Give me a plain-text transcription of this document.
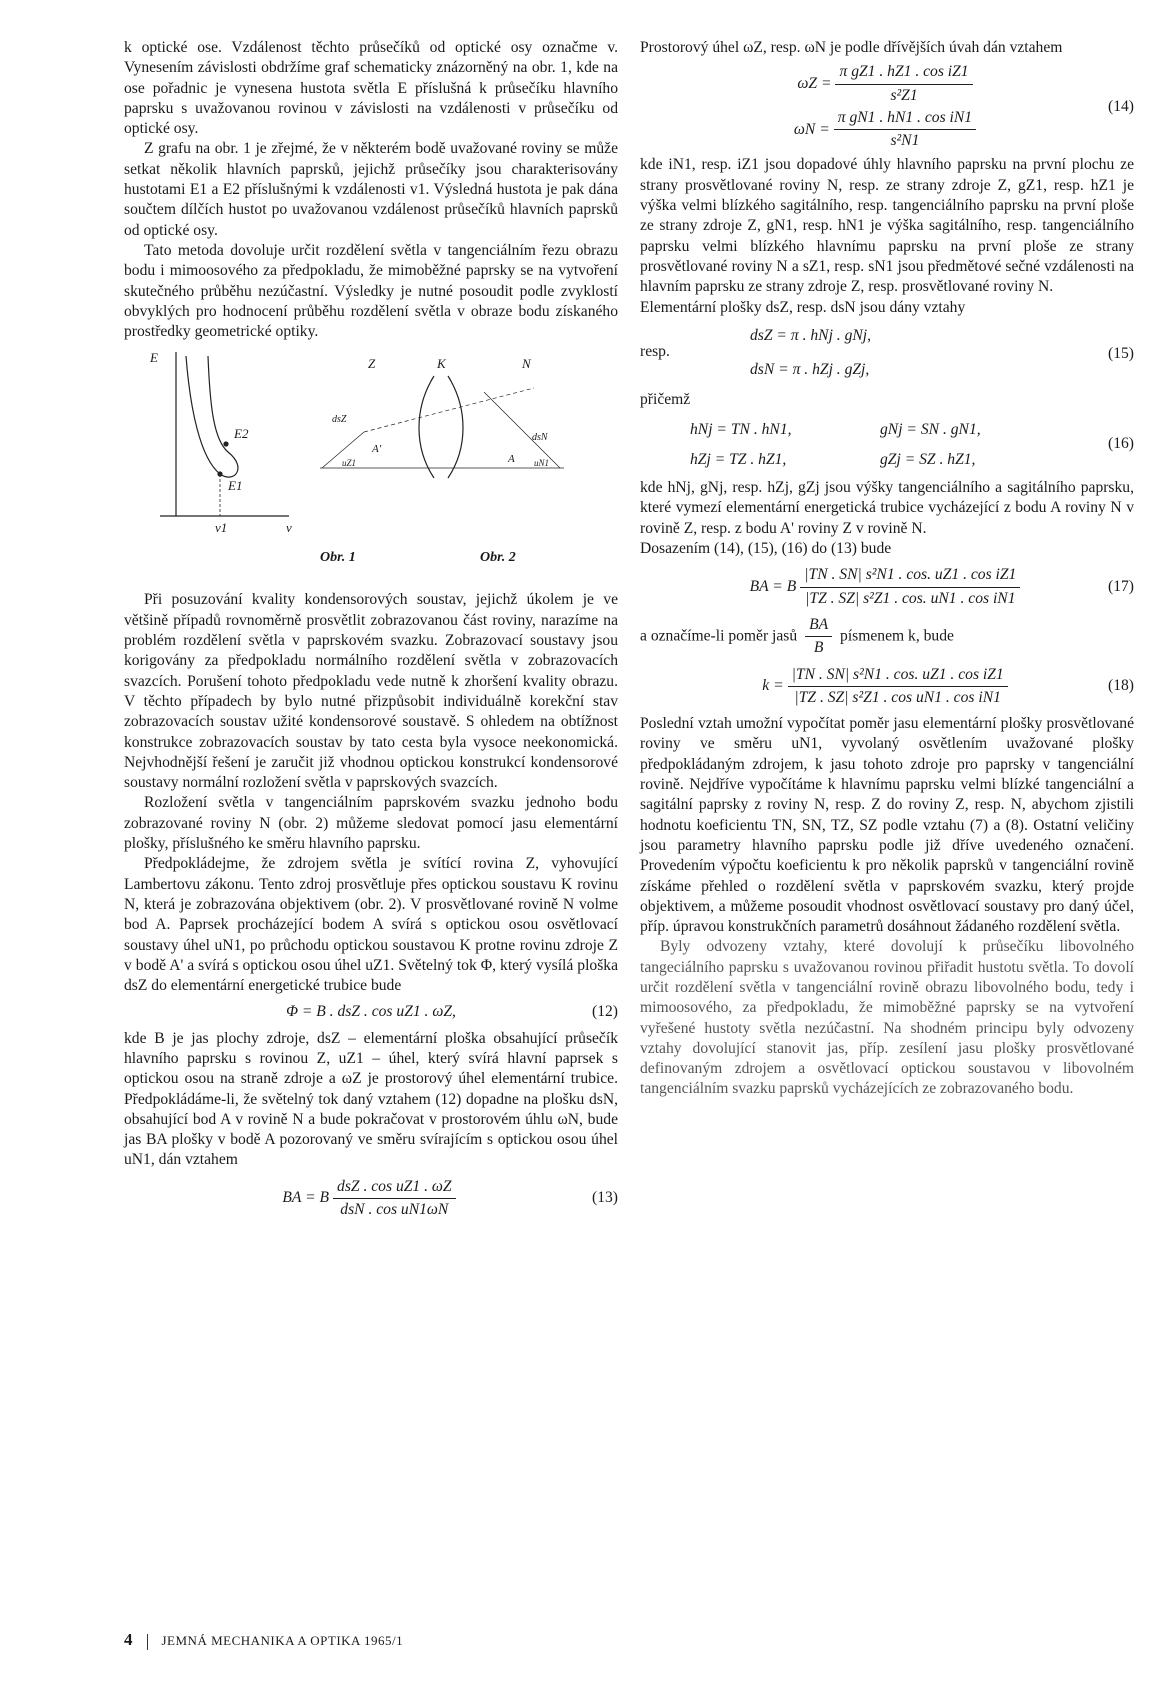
k optické ose. Vzdálenost těchto průsečíků od optické osy označme v. Vynesením závislosti obdržíme graf schematicky znázorněný na obr. 1, kde na ose pořadnic je vynesena hustota světla E příslušná k průsečíku hlavního paprsku s uvažovanou rovinou v závislosti na vzdálenosti v průsečíku od optické osy.

Z grafu na obr. 1 je zřejmé, že v některém bodě uvažované roviny se může setkat několik hlavních paprsků, jejichž průsečíky jsou charakterisovány hustotami E1 a E2 příslušnými k vzdálenosti v1. Výsledná hustota je pak dána součtem dílčích hustot po uvažovanou vzdálenost průsečíků hlavních paprsků od optické osy.

Tato metoda dovoluje určit rozdělení světla v tangenciálním řezu obrazu bodu i mimoosového za předpokladu, že mimoběžné paprsky se na vytvoření skutečného průběhu nezúčastní. Výsledky je nutné posoudit podle zvyklostí obvyklých pro hodnocení průběhu rozdělení světla v obraze bodu získaného prostředky geometrické optiky.

E
E2
E1
v1	v
Z	K	N
dsZ
A'
uZ1	A
dsN
uN1
Obr. 1	Obr. 2

Při posuzování kvality kondensorových soustav, jejichž úkolem je ve většině případů rovnoměrně prosvětlit zobrazovanou část roviny, narazíme na problém rozdělení světla v paprskovém svazku. Zobrazovací soustavy jsou korigovány za předpokladu normálního rozdělení světla v zobrazovacích svazcích. Porušení tohoto předpokladu vede nutně k zhoršení kvality obrazu. V těchto případech by bylo nutné přizpůsobit individuálně korekční stav zobrazovacích soustav užité kondensorové soustavě. S ohledem na obtížnost konstrukce zobrazovacích soustav by tato cesta byla vysoce neekonomická. Nejvhodnější řešení je zaručit již vhodnou optickou konstrukcí kondensorové soustavy normální rozložení světla v paprskových svazcích.

Rozložení světla v tangenciálním paprskovém svazku jednoho bodu zobrazované roviny N (obr. 2) můžeme sledovat pomocí jasu elementární plošky, příslušného ke směru hlavního paprsku.

Předpokládejme, že zdrojem světla je svítící rovina Z, vyhovující Lambertovu zákonu. Tento zdroj prosvětluje přes optickou soustavu K rovinu N, která je zobrazována objektivem (obr. 2). V prosvětlované rovině N volme bod A. Paprsek procházející bodem A svírá s optickou osou osvětlovací soustavy úhel uN1, po průchodu optickou soustavou K protne rovinu zdroje Z v bodě A' a svírá s optickou osou úhel uZ1. Světelný tok Φ, který vysílá ploška dsZ do elementární energetické trubice bude

Φ = B . dsZ . cos uZ1 . ωZ,	(12)

kde B je jas plochy zdroje, dsZ – elementární ploška obsahující průsečík hlavního paprsku s rovinou Z, uZ1 – úhel, který svírá hlavní paprsek s optickou osou na straně zdroje a ωZ je prostorový úhel elementární trubice. Předpokládáme-li, že světelný tok daný vztahem (12) dopadne na plošku dsN, obsahující bod A v rovině N a bude pokračovat v prostorovém úhlu ωN, bude jas BA plošky v bodě A pozorovaný ve směru svírajícím s optickou osou úhel uN1, dán vztahem

BA = B $\frac{\text{dsZ . cos uZ1 . ωZ}}{\text{dsN . cos uN1ωN}}$	(13)

Prostorový úhel ωZ, resp. ωN je podle dřívějších úvah dán vztahem

$\omega Z = \frac{\text{π gZ1 . hZ1 . cos iZ1}}{\text{s²Z1}}$
$\omega N = \frac{\text{π gN1 . hN1 . cos iN1}}{\text{s²N1}}$
(14)

kde iN1, resp. iZ1 jsou dopadové úhly hlavního paprsku na první plochu ze strany prosvětlované roviny N, resp. ze strany zdroje Z, gZ1, resp. hZ1 je výška velmi blízkého sagitálního, resp. tangenciálního paprsku na první ploše ze strany zdroje Z, gN1, resp. hN1 je výška sagitálního, resp. tangenciálního paprsku velmi blízkého hlavnímu paprsku na první ploše ze strany prosvětlované roviny N a sZ1, resp. sN1 jsou předmětové sečné vzdálenosti na hlavním paprsku ze strany zdroje Z, resp. prosvětlované roviny N.

Elementární plošky dsZ, resp. dsN jsou dány vztahy

dsZ = π . hNj . gNj,
resp.
dsN = π . hZj . gZj,
(15)

přičemž

hNj = TN . hN1,	gNj = SN . gN1,
hZj = TZ . hZ1,	gZj = SZ . hZ1,
(16)

kde hNj, gNj, resp. hZj, gZj jsou výšky tangenciálního a sagitálního paprsku, které vymezí elementární energetická trubice vycházející z bodu A roviny N v rovině Z, resp. z bodu A' roviny Z v rovině N.

Dosazením (14), (15), (16) do (13) bude

BA = B $\frac{\text{|TN . SN| s²N1 . cos. uZ1 . cos iZ1}}{\text{|TZ . SZ| s²Z1 . cos. uN1 . cos iN1}}$	(17)

a označíme-li poměr jasů $\frac{BA}{B}$ písmenem k, bude

$k = \frac{\text{|TN . SN| s²N1 . cos. uZ1 . cos iZ1}}{\text{|TZ . SZ| s²Z1 . cos uN1 . cos iN1}}$	(18)

Poslední vztah umožní vypočítat poměr jasu elementární plošky prosvětlované roviny ve směru uN1, vyvolaný osvětlením uvažované plošky předpokládaným zdrojem, k jasu tohoto zdroje pro paprsky v tangenciální rovině. Nejdříve vypočítáme k hlavnímu paprsku velmi blízké tangenciální a sagitální paprsky z roviny N, resp. Z do roviny Z, resp. N, abychom zjistili hodnotu koeficientu TN, SN, TZ, SZ podle vztahu (7) a (8). Ostatní veličiny jsou parametry hlavního paprsku podle již dříve uvedeného označení. Provedením výpočtu koeficientu k pro několik paprsků v tangenciální rovině získáme přehled o rozdělení světla v paprskovém svazku, který projde objektivem, a můžeme posoudit vhodnost osvětlovací soustavy pro daný účel, příp. úpravou konstrukčních parametrů dosáhnout žádaného rozdělení světla.

Byly odvozeny vztahy, které dovolují k průsečíku libovolného tangeciálního paprsku s uvažovanou rovinou přiřadit hustotu světla. To dovolí určit rozdělení světla v tangenciální rovině obrazu libovolného bodu, tedy i mimoosového, za předpokladu, že mimoběžné paprsky se na vytvoření vyřešené hustoty světla nezúčastní. Na shodném principu byly odvozeny vztahy dovolující stanovit jas, příp. zesílení jasu plošky prosvětlované definovaným zdrojem a osvětlovací optickou soustavou v libovolném tangenciálním svazku paprsků vycházejících ze zobrazovaného bodu.

4 JEMNÁ MECHANIKA A OPTIKA 1965/1
